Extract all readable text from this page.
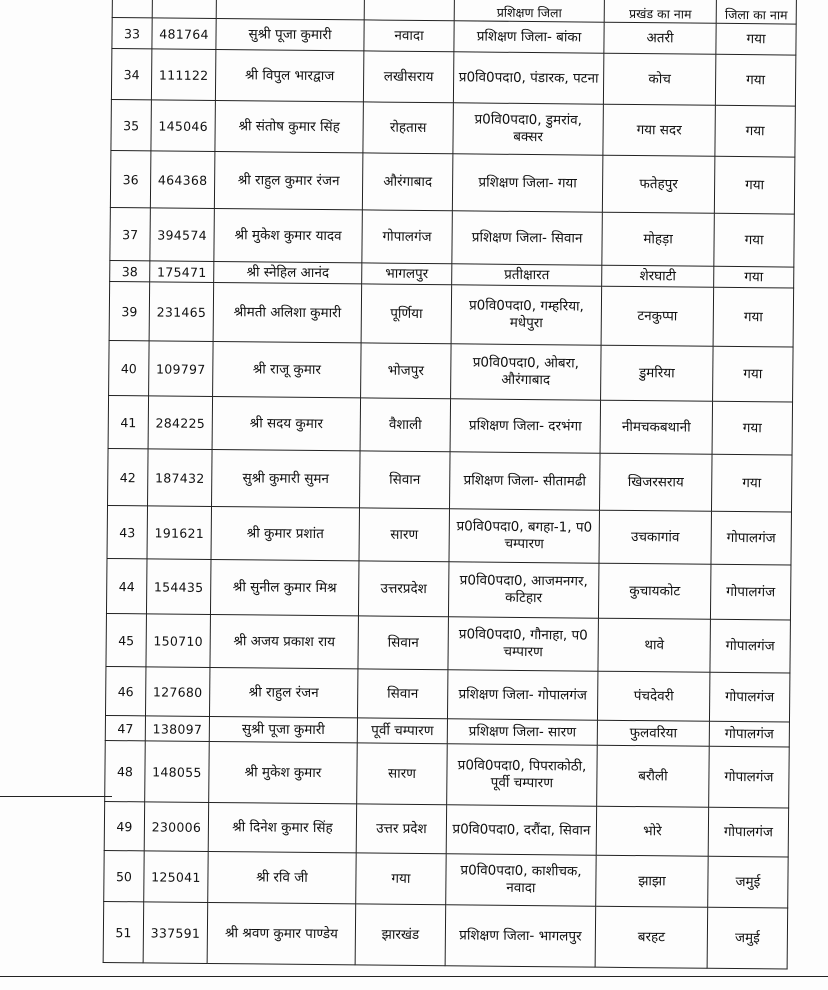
				प्रशिक्षण जिला	प्रखंड का नाम	जिला का नाम
33	481764	सुश्री पूजा कुमारी	नवादा	प्रशिक्षण जिला- बांका	अतरी	गया
34	111122	श्री विपुल भारद्वाज	लखीसराय	प्र0वि0पदा0, पंडारक, पटना	कोच	गया
35	145046	श्री संतोष कुमार सिंह	रोहतास	प्र0वि0पदा0, डुमरांव, बक्सर	गया सदर	गया
36	464368	श्री राहुल कुमार रंजन	औरंगाबाद	प्रशिक्षण जिला- गया	फतेहपुर	गया
37	394574	श्री मुकेश कुमार यादव	गोपालगंज	प्रशिक्षण जिला- सिवान	मोहड़ा	गया
38	175471	श्री स्नेहिल आनंद	भागलपुर	प्रतीक्षारत	शेरघाटी	गया
39	231465	श्रीमती अलिशा कुमारी	पूर्णिया	प्र0वि0पदा0, गम्हरिया, मधेपुरा	टनकुप्पा	गया
40	109797	श्री राजू कुमार	भोजपुर	प्र0वि0पदा0, ओबरा, औरंगाबाद	डुमरिया	गया
41	284225	श्री सदय कुमार	वैशाली	प्रशिक्षण जिला- दरभंगा	नीमचकबथानी	गया
42	187432	सुश्री कुमारी सुमन	सिवान	प्रशिक्षण जिला- सीतामढी	खिजरसराय	गया
43	191621	श्री कुमार प्रशांत	सारण	प्र0वि0पदा0, बगहा-1, प0 चम्पारण	उचकागांव	गोपालगंज
44	154435	श्री सुनील कुमार मिश्र	उत्तरप्रदेश	प्र0वि0पदा0, आजमनगर, कटिहार	कुचायकोट	गोपालगंज
45	150710	श्री अजय प्रकाश राय	सिवान	प्र0वि0पदा0, गौनाहा, प0 चम्पारण	थावे	गोपालगंज
46	127680	श्री राहुल रंजन	सिवान	प्रशिक्षण जिला- गोपालगंज	पंचदेवरी	गोपालगंज
47	138097	सुश्री पूजा कुमारी	पूर्वी चम्पारण	प्रशिक्षण जिला- सारण	फुलवरिया	गोपालगंज
48	148055	श्री मुकेश कुमार	सारण	प्र0वि0पदा0, पिपराकोठी, पूर्वी चम्पारण	बरौली	गोपालगंज
49	230006	श्री दिनेश कुमार सिंह	उत्तर प्रदेश	प्र0वि0पदा0, दरौंदा, सिवान	भोरे	गोपालगंज
50	125041	श्री रवि जी	गया	प्र0वि0पदा0, काशीचक, नवादा	झाझा	जमुई
51	337591	श्री श्रवण कुमार पाण्डेय	झारखंड	प्रशिक्षण जिला- भागलपुर	बरहट	जमुई
